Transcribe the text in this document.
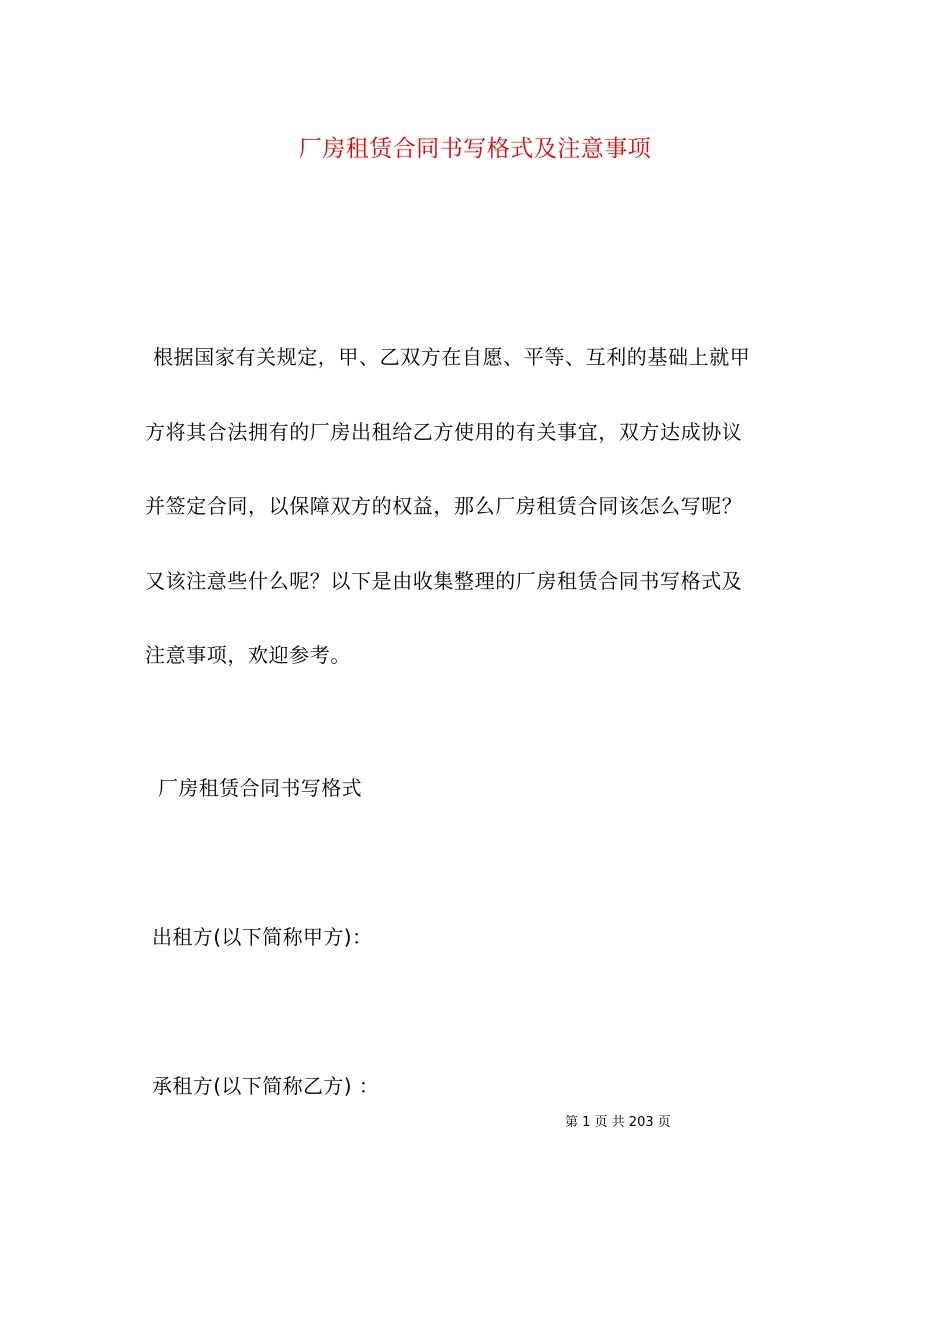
厂房租赁合同书写格式及注意事项
根据国家有关规定，甲、乙双方在自愿、平等、互利的基础上就甲
方将其合法拥有的厂房出租给乙方使用的有关事宜，双方达成协议
并签定合同，以保障双方的权益，那么厂房租赁合同该怎么写呢？
又该注意些什么呢？以下是由收集整理的厂房租赁合同书写格式及
注意事项，欢迎参考。
厂房租赁合同书写格式

出租方(以下简称甲方)：

承租方(以下简称乙方) ：

第 1 页 共 203 页
